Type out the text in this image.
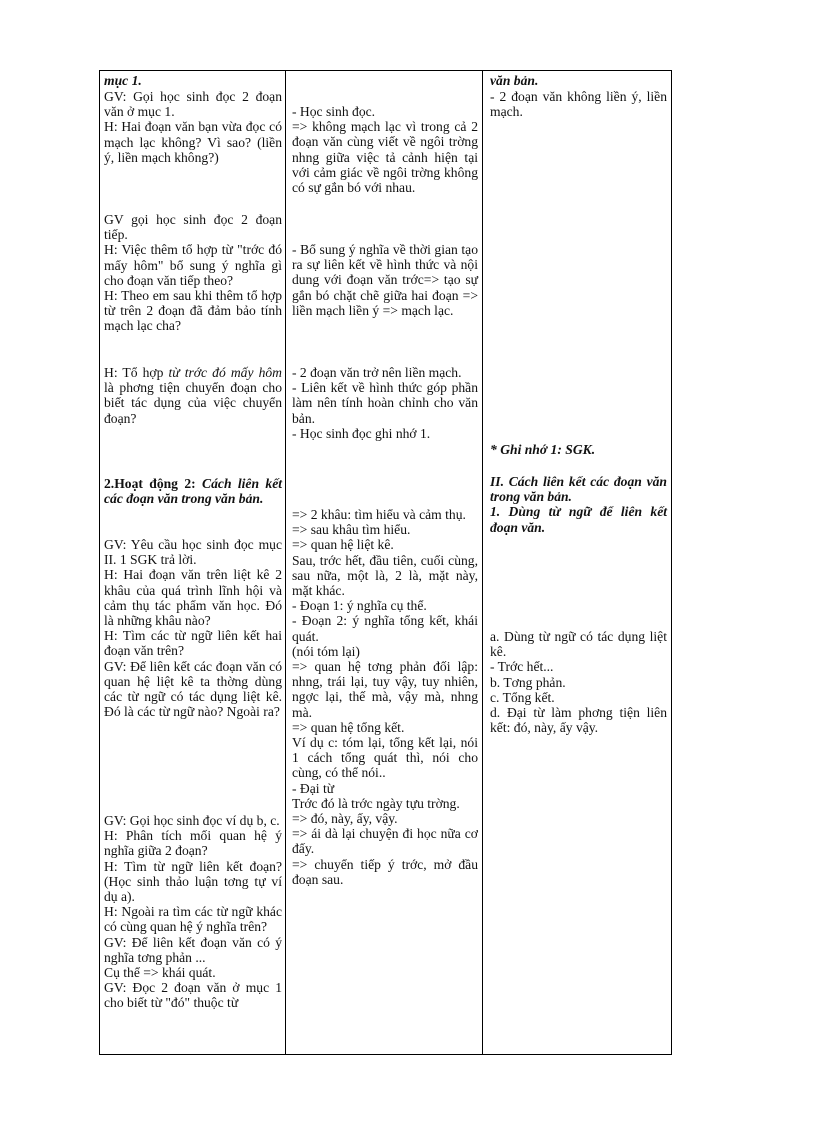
mục 1.

GV: Gọi học sinh đọc 2 đoạn văn ở mục 1.
H: Hai đoạn văn bạn vừa đọc có mạch lạc không? Vì sao? (liền ý, liền mạch không?)

GV gọi học sinh đọc 2 đoạn tiếp.
H: Việc thêm tổ hợp từ "trớc đó mấy hôm" bổ sung ý nghĩa gì cho đoạn văn tiếp theo?
H: Theo em sau khi thêm tổ hợp từ trên 2 đoạn đã đảm bảo tính mạch lạc cha?

H: Tổ hợp từ trớc đó mấy hôm là phơng tiện chuyển đoạn cho biết tác dụng của việc chuyển đoạn?

2.Hoạt động 2: Cách liên kết các đoạn văn trong văn bản.

GV: Yêu cầu học sinh đọc mục II. 1 SGK trả lời.
H: Hai đoạn văn trên liệt kê 2 khâu của quá trình lĩnh hội và cảm thụ tác phẩm văn học. Đó là những khâu nào?
H: Tìm các từ ngữ liên kết hai đoạn văn trên?
GV: Để liên kết các đoạn văn có quan hệ liệt kê ta thờng dùng các từ ngữ có tác dụng liệt kê. Đó là các từ ngữ nào? Ngoài ra?

GV: Gọi học sinh đọc ví dụ b, c.
H: Phân tích mối quan hệ ý nghĩa giữa 2 đoạn?
H: Tìm từ ngữ liên kết đoạn? (Học sinh thảo luận tơng tự ví dụ a).
H: Ngoài ra tìm các từ ngữ khác có cùng quan hệ ý nghĩa trên?
GV: Để liên kết đoạn văn có ý nghĩa tơng phản ...
Cụ thể => khái quát.
GV: Đọc 2 đoạn văn ở mục 1 cho biết từ "đó" thuộc từ

- Học sinh đọc.
=> không mạch lạc vì trong cả 2 đoạn văn cùng viết về ngôi trờng nhng giữa việc tả cảnh hiện tại với cảm giác về ngôi trờng không có sự gắn bó với nhau.

- Bổ sung ý nghĩa về thời gian tạo ra sự liên kết về hình thức và nội dung với đoạn văn trớc=> tạo sự gắn bó chặt chẽ giữa hai đoạn => liền mạch liền ý => mạch lạc.

- 2 đoạn văn trở nên liền mạch.
- Liên kết về hình thức góp phần làm nên tính hoàn chỉnh cho văn bản.
- Học sinh đọc ghi nhớ 1.

=> 2 khâu: tìm hiểu và cảm thụ.
=> sau khâu tìm hiểu.
=> quan hệ liệt kê.
Sau, trớc hết, đầu tiên, cuối cùng, sau nữa, một là, 2 là, mặt này, mặt khác.
- Đoạn 1: ý nghĩa cụ thể.
- Đoạn 2: ý nghĩa tổng kết, khái quát.
(nói tóm lại)
=> quan hệ tơng phản đối lập: nhng, trái lại, tuy vậy, tuy nhiên, ngợc lại, thế mà, vậy mà, nhng mà.
=> quan hệ tổng kết.
Ví dụ c: tóm lại, tổng kết lại, nói 1 cách tổng quát thì, nói cho cùng, có thể nói..
- Đại từ
Trớc đó là trớc ngày tựu trờng.
=> đó, này, ấy, vậy.
=> ái dà lại chuyện đi học nữa cơ đấy.
=> chuyển tiếp ý trớc, mở đầu đoạn sau.

văn bản.

- 2 đoạn văn không liền ý, liền mạch.

* Ghi nhớ 1: SGK.

II. Cách liên kết các đoạn văn trong văn bản.
1. Dùng từ ngữ để liên kết đoạn văn.

a. Dùng từ ngữ có tác dụng liệt kê.
- Trớc hết...
b. Tơng phản.
c. Tổng kết.
d. Đại từ làm phơng tiện liên kết: đó, này, ấy vậy.
